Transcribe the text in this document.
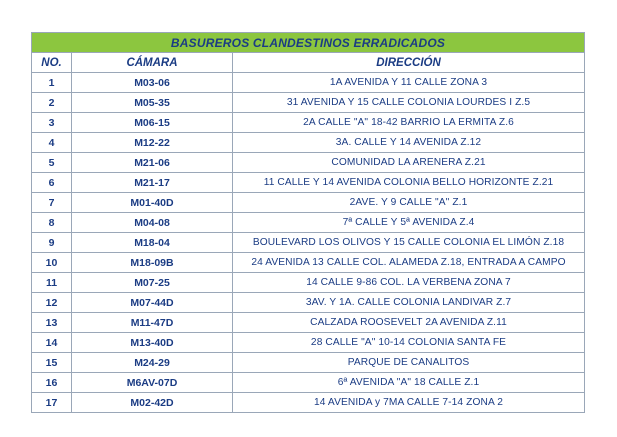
BASUREROS CLANDESTINOS ERRADICADOS		
NO.	CÁMARA	DIRECCIÓN
1	M03-06	1A AVENIDA Y 11 CALLE ZONA 3
2	M05-35	31 AVENIDA Y 15 CALLE COLONIA LOURDES I Z.5
3	M06-15	2A CALLE "A" 18-42 BARRIO LA ERMITA Z.6
4	M12-22	3A. CALLE Y 14 AVENIDA Z.12
5	M21-06	COMUNIDAD LA ARENERA Z.21
6	M21-17	11 CALLE Y 14 AVENIDA COLONIA BELLO HORIZONTE Z.21
7	M01-40D	2AVE. Y 9 CALLE "A" Z.1
8	M04-08	7ª CALLE Y 5ª AVENIDA Z.4
9	M18-04	BOULEVARD LOS OLIVOS Y 15 CALLE COLONIA EL LIMÓN Z.18
10	M18-09B	24 AVENIDA 13 CALLE COL. ALAMEDA Z.18, ENTRADA A CAMPO
11	M07-25	14 CALLE 9-86 COL. LA VERBENA ZONA 7
12	M07-44D	3AV. Y 1A. CALLE COLONIA LANDIVAR Z.7
13	M11-47D	CALZADA ROOSEVELT 2A AVENIDA Z.11
14	M13-40D	28 CALLE "A" 10-14 COLONIA SANTA FE
15	M24-29	PARQUE DE CANALITOS
16	M6AV-07D	6ª AVENIDA "A" 18 CALLE Z.1
17	M02-42D	14 AVENIDA y 7MA CALLE 7-14 ZONA 2
